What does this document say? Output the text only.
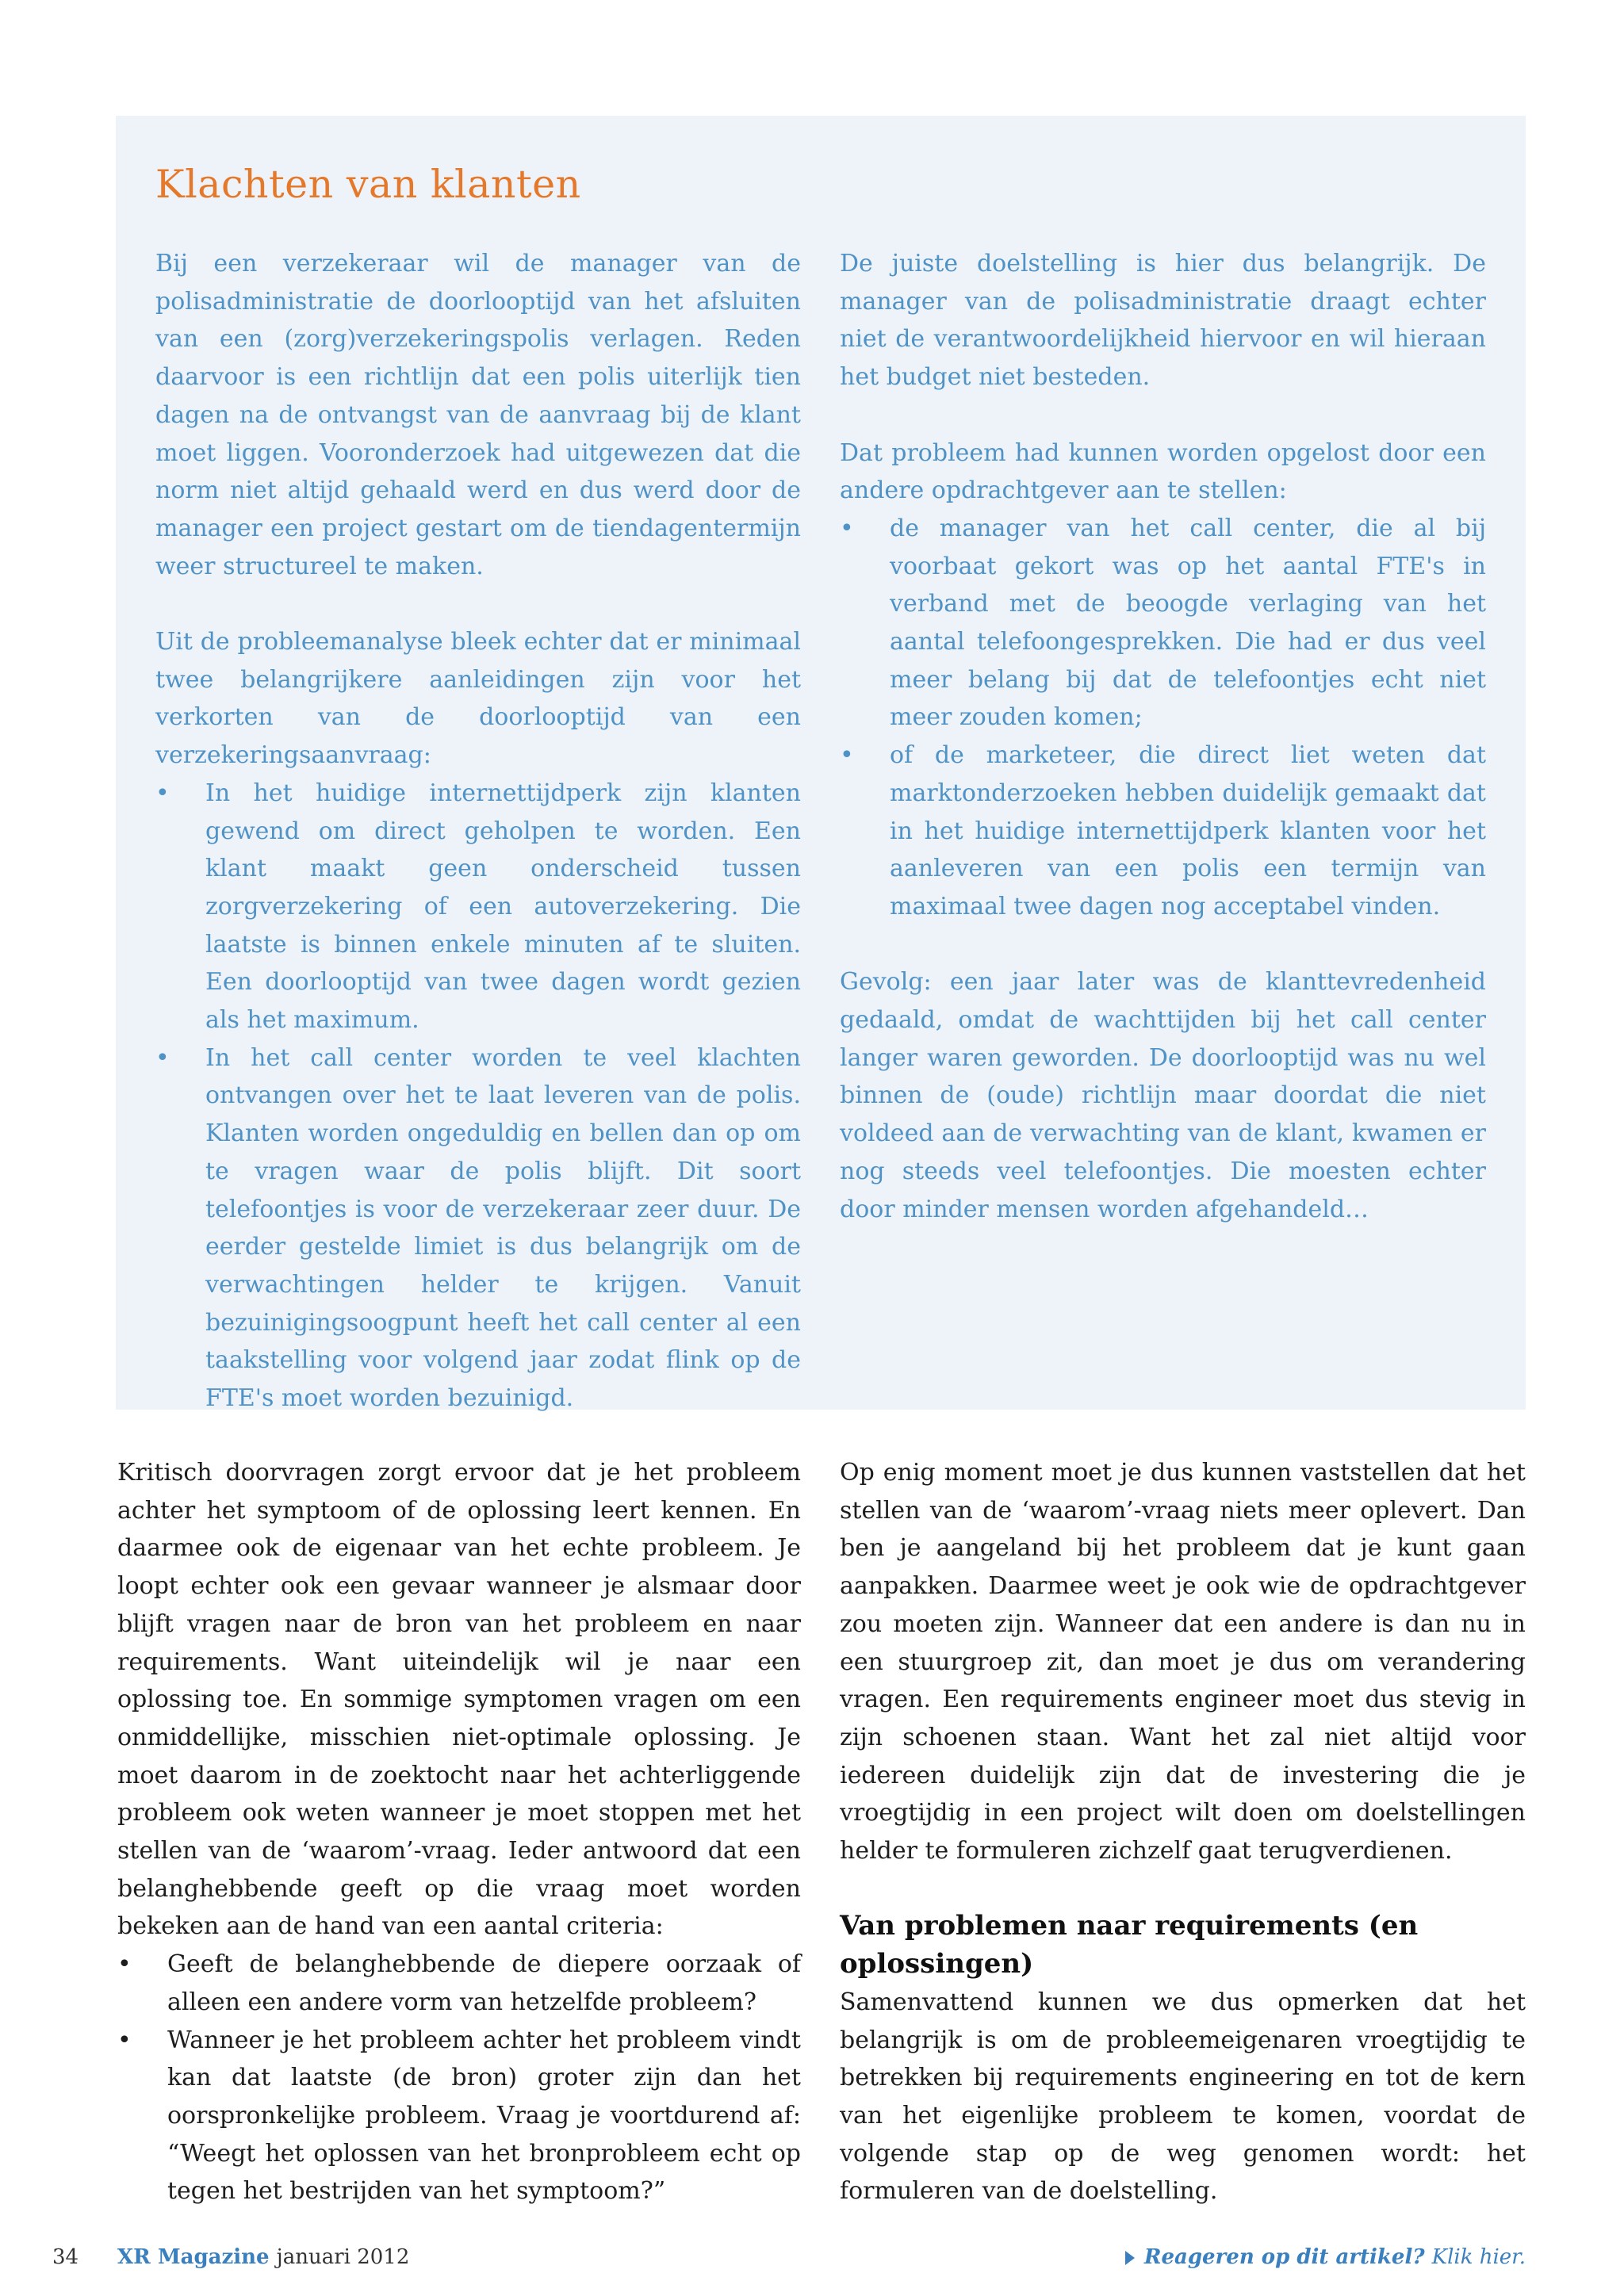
Klachten van klanten

Bij een verzekeraar wil de manager van de polisadministratie de doorlooptijd van het afsluiten van een (zorg)verzekeringspolis verlagen. Reden daarvoor is een richtlijn dat een polis uiterlijk tien dagen na de ontvangst van de aanvraag bij de klant moet liggen. Vooronderzoek had uitgewezen dat die norm niet altijd gehaald werd en dus werd door de manager een project gestart om de tiendagentermijn weer structureel te maken.

Uit de probleemanalyse bleek echter dat er minimaal twee belangrijkere aanleidingen zijn voor het verkorten van de doorlooptijd van een verzekeringsaanvraag:

•	In het huidige internettijdperk zijn klanten gewend om direct geholpen te worden. Een klant maakt geen onderscheid tussen zorgverzekering of een autoverzekering. Die laatste is binnen enkele minuten af te sluiten. Een doorlooptijd van twee dagen wordt gezien als het maximum.
•	In het call center worden te veel klachten ontvangen over het te laat leveren van de polis. Klanten worden ongeduldig en bellen dan op om te vragen waar de polis blijft. Dit soort telefoontjes is voor de verzekeraar zeer duur. De eerder gestelde limiet is dus belangrijk om de verwachtingen helder te krijgen. Vanuit bezuinigingsoogpunt heeft het call center al een taakstelling voor volgend jaar zodat flink op de FTE's moet worden bezuinigd.

De juiste doelstelling is hier dus belangrijk. De manager van de polisadministratie draagt echter niet de verantwoordelijkheid hiervoor en wil hieraan het budget niet besteden.

Dat probleem had kunnen worden opgelost door een andere opdrachtgever aan te stellen:

•	de manager van het call center, die al bij voorbaat gekort was op het aantal FTE's in verband met de beoogde verlaging van het aantal telefoongesprekken. Die had er dus veel meer belang bij dat de telefoontjes echt niet meer zouden komen;
•	of de marketeer, die direct liet weten dat marktonderzoeken hebben duidelijk gemaakt dat in het huidige internettijdperk klanten voor het aanleveren van een polis een termijn van maximaal twee dagen nog acceptabel vinden.

Gevolg: een jaar later was de klanttevredenheid gedaald, omdat de wachttijden bij het call center langer waren geworden. De doorlooptijd was nu wel binnen de (oude) richtlijn maar doordat die niet voldeed aan de verwachting van de klant, kwamen er nog steeds veel telefoontjes. Die moesten echter door minder mensen worden afgehandeld…

Kritisch doorvragen zorgt ervoor dat je het probleem achter het symptoom of de oplossing leert kennen. En daarmee ook de eigenaar van het echte probleem. Je loopt echter ook een gevaar wanneer je alsmaar door blijft vragen naar de bron van het probleem en naar requirements. Want uiteindelijk wil je naar een oplossing toe. En sommige symptomen vragen om een onmiddellijke, misschien niet-optimale oplossing. Je moet daarom in de zoektocht naar het achterliggende probleem ook weten wanneer je moet stoppen met het stellen van de ‘waarom’-vraag. Ieder antwoord dat een belanghebbende geeft op die vraag moet worden bekeken aan de hand van een aantal criteria:

•	Geeft de belanghebbende de diepere oorzaak of alleen een andere vorm van hetzelfde probleem?
•	Wanneer je het probleem achter het probleem vindt kan dat laatste (de bron) groter zijn dan het oorspronkelijke probleem. Vraag je voortdurend af: “Weegt het oplossen van het bronprobleem echt op tegen het bestrijden van het symptoom?”

Op enig moment moet je dus kunnen vaststellen dat het stellen van de ‘waarom’-vraag niets meer oplevert. Dan ben je aangeland bij het probleem dat je kunt gaan aanpakken. Daarmee weet je ook wie de opdrachtgever zou moeten zijn. Wanneer dat een andere is dan nu in een stuurgroep zit, dan moet je dus om verandering vragen. Een requirements engineer moet dus stevig in zijn schoenen staan. Want het zal niet altijd voor iedereen duidelijk zijn dat de investering die je vroegtijdig in een project wilt doen om doelstellingen helder te formuleren zichzelf gaat terugverdienen.

Van problemen naar requirements (en oplossingen)

Samenvattend kunnen we dus opmerken dat het belangrijk is om de probleemeigenaren vroegtijdig te betrekken bij requirements engineering en tot de kern van het eigenlijke probleem te komen, voordat de volgende stap op de weg genomen wordt: het formuleren van de doelstelling.

34 XR Magazine januari 2012	Reageren op dit artikel? Klik hier.
